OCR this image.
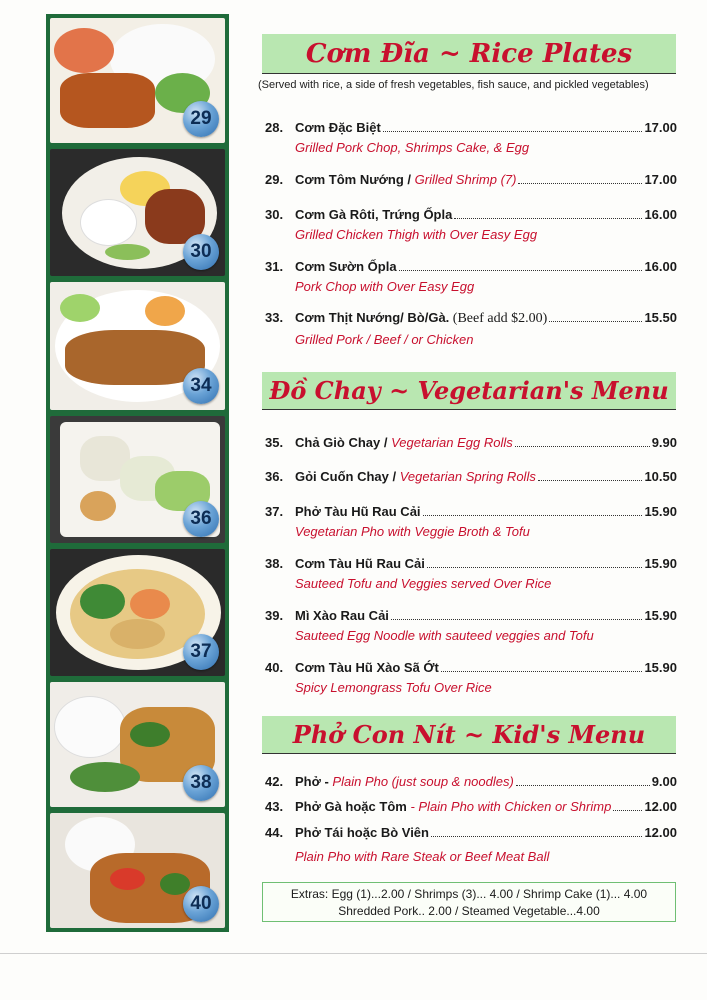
29
30
34
36
37
38
40
Cơm Đĩa ~ Rice Plates
(Served with rice, a side of fresh vegetables, fish sauce, and pickled vegetables)
28. Cơm Đặc Biệt	17.00
Grilled Pork Chop, Shrimps Cake, & Egg
29. Cơm Tôm Nướng / Grilled Shrimp (7)	17.00
30. Cơm Gà Rôti, Trứng Ốpla	16.00
Grilled Chicken Thigh with Over Easy Egg
31. Cơm Sườn Ốpla	16.00
Pork Chop with Over Easy Egg
33. Cơm Thịt Nướng/ Bò/Gà. (Beef add $2.00)	15.50
Grilled Pork / Beef / or Chicken
Đồ Chay ~ Vegetarian's Menu
35. Chả Giò Chay / Vegetarian Egg Rolls	9.90
36. Gỏi Cuốn Chay / Vegetarian Spring Rolls	10.50
37. Phở Tàu Hũ Rau Cải	15.90
Vegetarian Pho with Veggie Broth & Tofu
38. Cơm Tàu Hũ Rau Cải	15.90
Sauteed Tofu and Veggies served Over Rice
39. Mì Xào Rau Cải	15.90
Sauteed Egg Noodle with sauteed veggies and Tofu
40. Cơm Tàu Hũ Xào Sã Ớt	15.90
Spicy Lemongrass Tofu Over Rice
Phở Con Nít ~ Kid's Menu
42. Phở - Plain Pho (just soup & noodles)	9.00
43. Phở Gà hoặc Tôm - Plain Pho with Chicken or Shrimp	12.00
44. Phở Tái hoặc Bò Viên	12.00
Plain Pho with Rare Steak or Beef Meat Ball
Extras: Egg (1)...2.00 / Shrimps (3)... 4.00 / Shrimp Cake (1)... 4.00
Shredded Pork.. 2.00 / Steamed Vegetable...4.00
